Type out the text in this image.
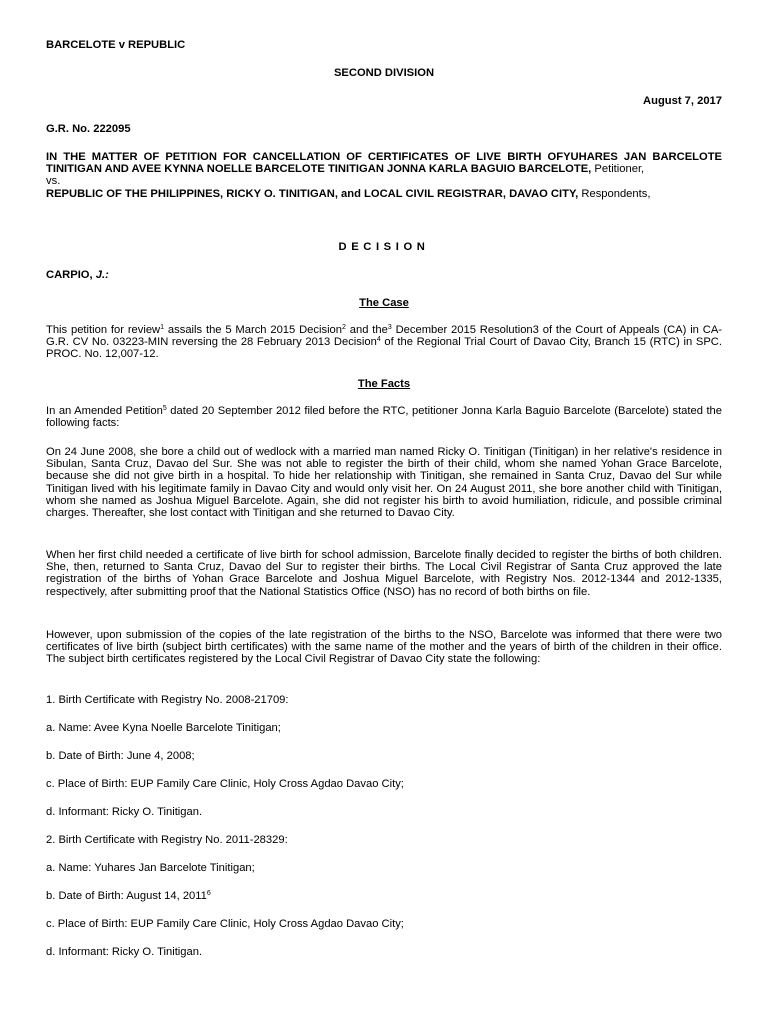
BARCELOTE v REPUBLIC

SECOND DIVISION

August 7, 2017

G.R. No. 222095

IN THE MATTER OF PETITION FOR CANCELLATION OF CERTIFICATES OF LIVE BIRTH OFYUHARES JAN BARCELOTE TINITIGAN AND AVEE KYNNA NOELLE BARCELOTE TINITIGAN JONNA KARLA BAGUIO BARCELOTE, Petitioner,
vs.
REPUBLIC OF THE PHILIPPINES, RICKY O. TINITIGAN, and LOCAL CIVIL REGISTRAR, DAVAO CITY, Respondents,

DECISION

CARPIO, J.:

The Case

This petition for review$^1$ assails the 5 March 2015 Decision$^2$ and the$^3$ December 2015 Resolution3 of the Court of Appeals (CA) in CA-G.R. CV No. 03223-MIN reversing the 28 February 2013 Decision$^4$ of the Regional Trial Court of Davao City, Branch 15 (RTC) in SPC. PROC. No. 12,007-12.

The Facts

In an Amended Petition$^5$ dated 20 September 2012 filed before the RTC, petitioner Jonna Karla Baguio Barcelote (Barcelote) stated the following facts:

On 24 June 2008, she bore a child out of wedlock with a married man named Ricky O. Tinitigan (Tinitigan) in her relative's residence in Sibulan, Santa Cruz, Davao del Sur. She was not able to register the birth of their child, whom she named Yohan Grace Barcelote, because she did not give birth in a hospital. To hide her relationship with Tinitigan, she remained in Santa Cruz, Davao del Sur while Tinitigan lived with his legitimate family in Davao City and would only visit her. On 24 August 2011, she bore another child with Tinitigan, whom she named as Joshua Miguel Barcelote. Again, she did not register his birth to avoid humiliation, ridicule, and possible criminal charges. Thereafter, she lost contact with Tinitigan and she returned to Davao City.

When her first child needed a certificate of live birth for school admission, Barcelote finally decided to register the births of both children. She, then, returned to Santa Cruz, Davao del Sur to register their births. The Local Civil Registrar of Santa Cruz approved the late registration of the births of Yohan Grace Barcelote and Joshua Miguel Barcelote, with Registry Nos. 2012-1344 and 2012-1335, respectively, after submitting proof that the National Statistics Office (NSO) has no record of both births on file.

However, upon submission of the copies of the late registration of the births to the NSO, Barcelote was informed that there were two certificates of live birth (subject birth certificates) with the same name of the mother and the years of birth of the children in their office. The subject birth certificates registered by the Local Civil Registrar of Davao City state the following:

1. Birth Certificate with Registry No. 2008-21709:

a. Name: Avee Kyna Noelle Barcelote Tinitigan;

b. Date of Birth: June 4, 2008;

c. Place of Birth: EUP Family Care Clinic, Holy Cross Agdao Davao City;

d. Informant: Ricky O. Tinitigan.

2. Birth Certificate with Registry No. 2011-28329:

a. Name: Yuhares Jan Barcelote Tinitigan;

b. Date of Birth: August 14, 2011$^6$

c. Place of Birth: EUP Family Care Clinic, Holy Cross Agdao Davao City;

d. Informant: Ricky O. Tinitigan.
